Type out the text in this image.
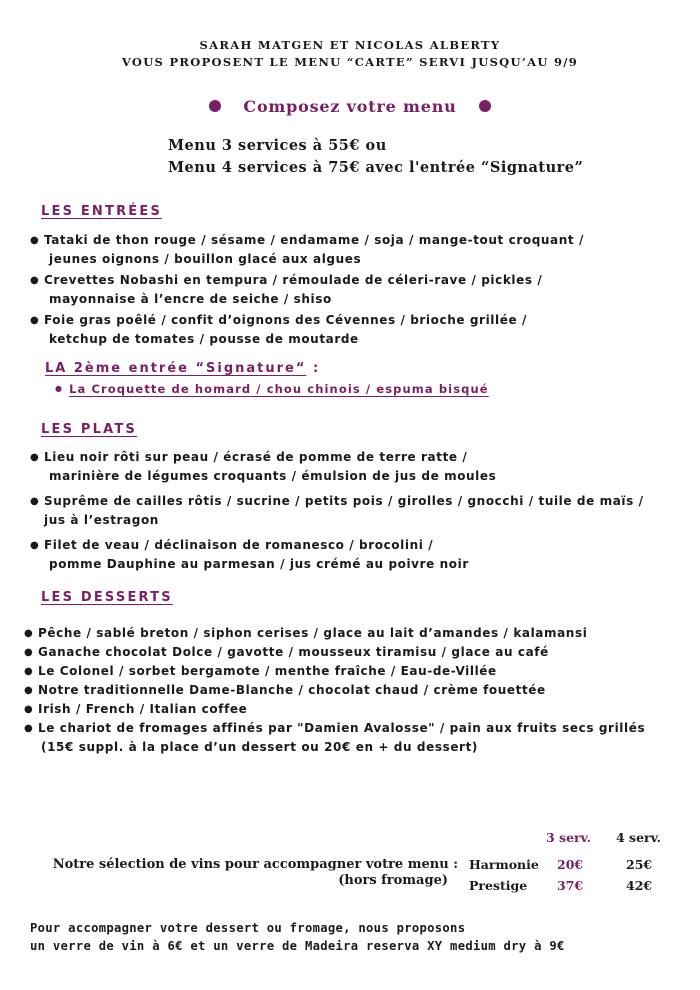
SARAH MATGEN ET NICOLAS ALBERTY
VOUS PROPOSENT LE MENU “CARTE” SERVI JUSQU’AU 9/9
Composez votre menu
Menu 3 services à 55€ ou
Menu 4 services à 75€ avec l'entrée “Signature”
LES ENTRÉES
● Tataki de thon rouge / sésame / endamame / soja / mange-tout croquant /
jeunes oignons / bouillon glacé aux algues
● Crevettes Nobashi en tempura / rémoulade de céleri-rave / pickles /
mayonnaise à l’encre de seiche / shiso
● Foie gras poêlé / confit d’oignons des Cévennes / brioche grillée /
ketchup de tomates / pousse de moutarde
LA 2ème entrée “Signature“ :
● La Croquette de homard / chou chinois / espuma bisqué
LES PLATS
● Lieu noir rôti sur peau / écrasé de pomme de terre ratte /
marinière de légumes croquants / émulsion de jus de moules
● Suprême de cailles rôtis / sucrine / petits pois / girolles / gnocchi / tuile de maïs /
jus à l’estragon
● Filet de veau / déclinaison de romanesco / brocolini /
pomme Dauphine au parmesan / jus crémé au poivre noir
LES DESSERTS
● Pêche / sablé breton / siphon cerises / glace au lait d’amandes / kalamansi
● Ganache chocolat Dolce / gavotte / mousseux tiramisu / glace au café
● Le Colonel / sorbet bergamote / menthe fraîche / Eau-de-Villée
● Notre traditionnelle Dame-Blanche / chocolat chaud / crème fouettée
● Irish / French / Italian coffee
● Le chariot de fromages affinés par "Damien Avalosse" / pain aux fruits secs grillés
(15€ suppl. à la place d’un dessert ou 20€ en + du dessert)
3 serv. 4 serv.
Notre sélection de vins pour accompagner votre menu :
(hors fromage)
Harmonie 20€	25€
Prestige 37€	42€
Pour accompagner votre dessert ou fromage, nous proposons
un verre de vin à 6€ et un verre de Madeira reserva XY medium dry à 9€
